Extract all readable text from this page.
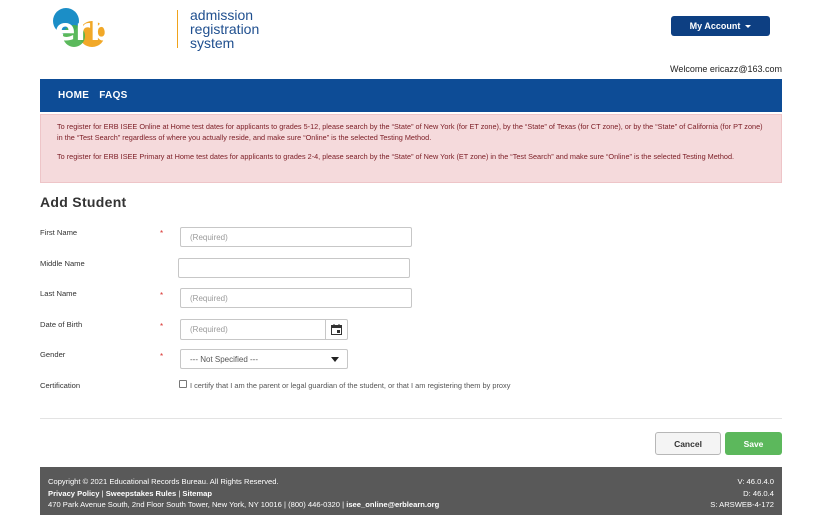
erb	admission
registration
system
My Account
Welcome ericazz@163.com
HOME FAQS

To register for ERB ISEE Online at Home test dates for applicants to grades 5-12, please search by the “State” of New York (for ET zone), by the “State” of Texas (for CT zone), or by the “State” of California (for PT zone) in the “Test Search” regardless of where you actually reside, and make sure “Online” is the selected Testing Method.

To register for ERB ISEE Primary at Home test dates for applicants to grades 2-4, please search by the “State” of New York (ET zone) in the “Test Search” and make sure “Online” is the selected Testing Method.

Add Student
First Name	*	(Required)
Middle Name
Last Name	*	(Required)
Date of Birth	*	(Required)
Gender	*	--- Not Specified ---
Certification	I certify that I am the parent or legal guardian of the student, or that I am registering them by proxy
Cancel	Save
Copyright © 2021 Educational Records Bureau. All Rights Reserved.
Privacy Policy | Sweepstakes Rules | Sitemap
470 Park Avenue South, 2nd Floor South Tower, New York, NY 10016 | (800) 446-0320 | isee_online@erblearn.org
V: 46.0.4.0
D: 46.0.4
S: ARSWEB-4-172
